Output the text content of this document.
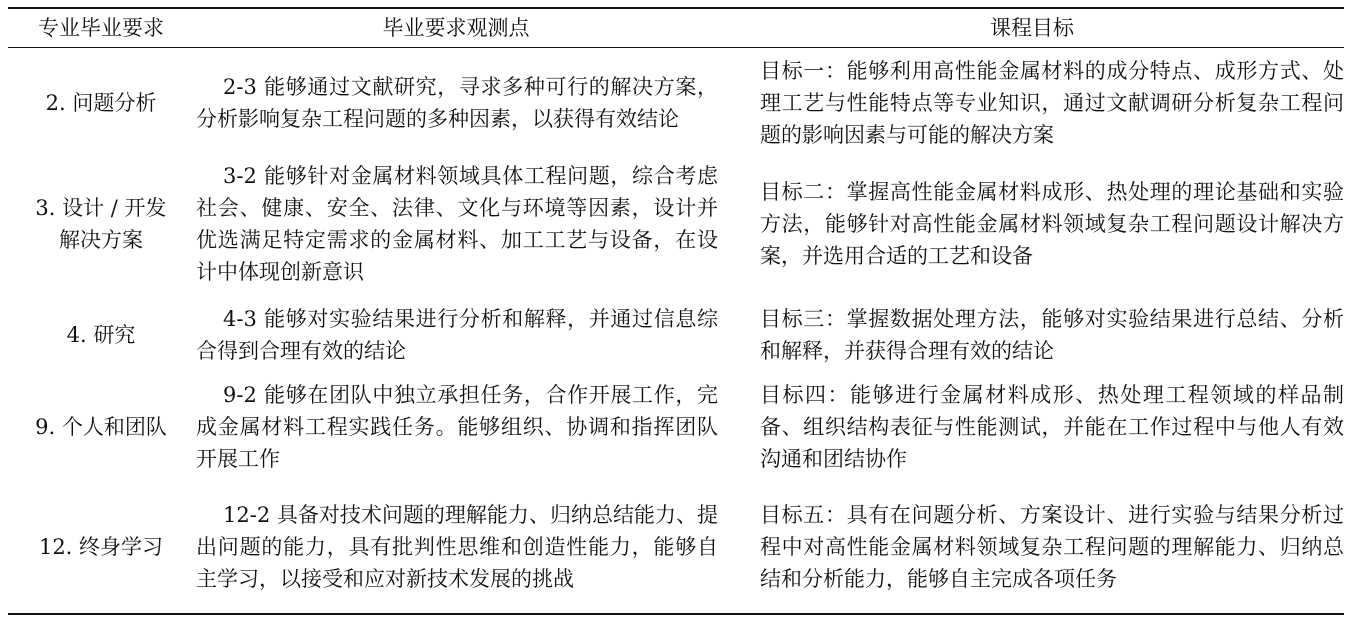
专业毕业要求	毕业要求观测点	课程目标
2. 问题分析
2-3 能够通过文献研究，寻求多种可行的解决方案，分析影响复杂工程问题的多种因素，以获得有效结论
目标一：能够利用高性能金属材料的成分特点、成形方式、处理工艺与性能特点等专业知识，通过文献调研分析复杂工程问题的影响因素与可能的解决方案
3. 设计 / 开发解决方案
3-2 能够针对金属材料领域具体工程问题，综合考虑社会、健康、安全、法律、文化与环境等因素，设计并优选满足特定需求的金属材料、加工工艺与设备，在设计中体现创新意识
目标二：掌握高性能金属材料成形、热处理的理论基础和实验方法，能够针对高性能金属材料领域复杂工程问题设计解决方案，并选用合适的工艺和设备
4. 研究
4-3 能够对实验结果进行分析和解释，并通过信息综合得到合理有效的结论
目标三：掌握数据处理方法，能够对实验结果进行总结、分析和解释，并获得合理有效的结论
9. 个人和团队
9-2 能够在团队中独立承担任务，合作开展工作，完成金属材料工程实践任务。能够组织、协调和指挥团队开展工作
目标四：能够进行金属材料成形、热处理工程领域的样品制备、组织结构表征与性能测试，并能在工作过程中与他人有效沟通和团结协作
12. 终身学习
12-2 具备对技术问题的理解能力、归纳总结能力、提出问题的能力，具有批判性思维和创造性能力，能够自主学习，以接受和应对新技术发展的挑战
目标五：具有在问题分析、方案设计、进行实验与结果分析过程中对高性能金属材料领域复杂工程问题的理解能力、归纳总结和分析能力，能够自主完成各项任务
